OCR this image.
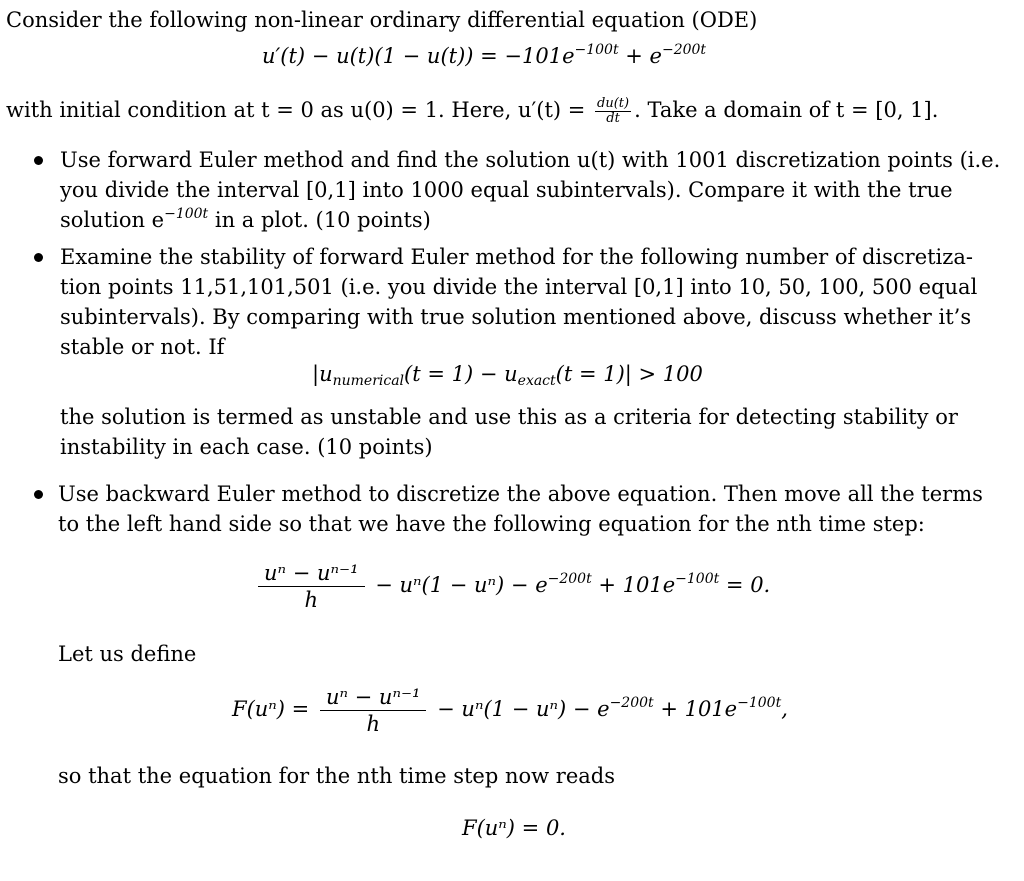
Consider the following non-linear ordinary differential equation (ODE)
$u'(t) - u(t)(1 - u(t)) = -101e^{-100t} + e^{-200t}$
with initial condition at t = 0 as u(0) = 1. Here, $u'(t) = \frac{du(t)}{dt}$ . Take a domain of t = [0, 1].
Use forward Euler method and find the solution u(t) with 1001 discretization points (i.e.
you divide the interval [0,1] into 1000 equal subintervals). Compare it with the true
solution $e^{-100t}$ in a plot. (10 points)
Examine the stability of forward Euler method for the following number of discretiza-
tion points 11,51,101,501 (i.e. you divide the interval [0,1] into 10, 50, 100, 500 equal
subintervals). By comparing with true solution mentioned above, discuss whether it’s
stable or not. If
|unumerical(t = 1) − uexact(t = 1)| > 100
the solution is termed as unstable and use this as a criteria for detecting stability or
instability in each case. (10 points)
Use backward Euler method to discretize the above equation. Then move all the terms
to the left hand side so that we have the following equation for the nth time step:
$\frac{\text{uⁿ − uⁿ⁻¹}}{h} - u^n(1 - u^n) - e^{-200t} + 101e^{-100t} = 0$.
Let us define
$F(u^n) = \frac{\text{uⁿ − uⁿ⁻¹}}{h} - u^n(1 - u^n) - e^{-200t} + 101e^{-100t}$,
so that the equation for the nth time step now reads
F(uⁿ) = 0.
